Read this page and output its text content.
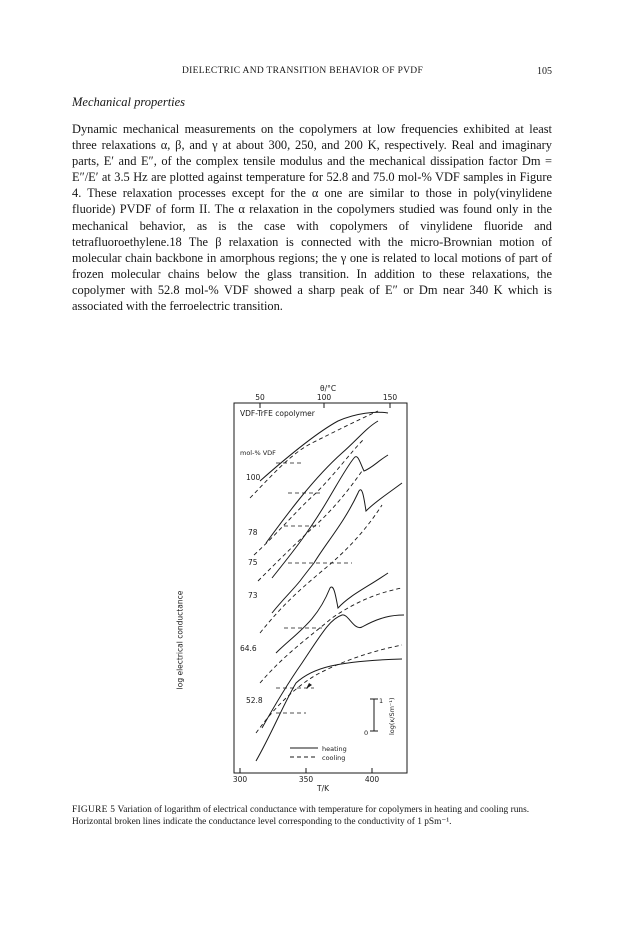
DIELECTRIC AND TRANSITION BEHAVIOR OF PVDF	105
Mechanical properties
Dynamic mechanical measurements on the copolymers at low frequencies exhibited at least three relaxations α, β, and γ at about 300, 250, and 200 K, respectively. Real and imaginary parts, E′ and E″, of the complex tensile modulus and the mechanical dissipation factor Dm = E″/E′ at 3.5 Hz are plotted against temperature for 52.8 and 75.0 mol-% VDF samples in Figure 4. These relaxation processes except for the α one are similar to those in poly(vinylidene fluoride) PVDF of form II. The α relaxation in the copolymers studied was found only in the mechanical behavior, as is the case with copolymers of vinylidene fluoride and tetrafluoroethylene.18 The β relaxation is connected with the micro-Brownian motion of molecular chain backbone in amorphous regions; the γ one is related to local motions of part of frozen molecular chains below the glass transition. In addition to these relaxations, the copolymer with 52.8 mol-% VDF showed a sharp peak of E″ or Dm near 340 K which is associated with the ferroelectric transition.
log electrical conductance
θ/°C
50	100	150
300	350	400
T/K
VDF-TrFE copolymer
mol-% VDF
100
78
75
73
64.6
52.8
0
1 log(κ/Sm⁻¹)
heating
cooling
FIGURE 5 Variation of logarithm of electrical conductance with temperature for copolymers in heating and cooling runs. Horizontal broken lines indicate the conductance level corresponding to the conductivity of 1 pSm⁻¹.
